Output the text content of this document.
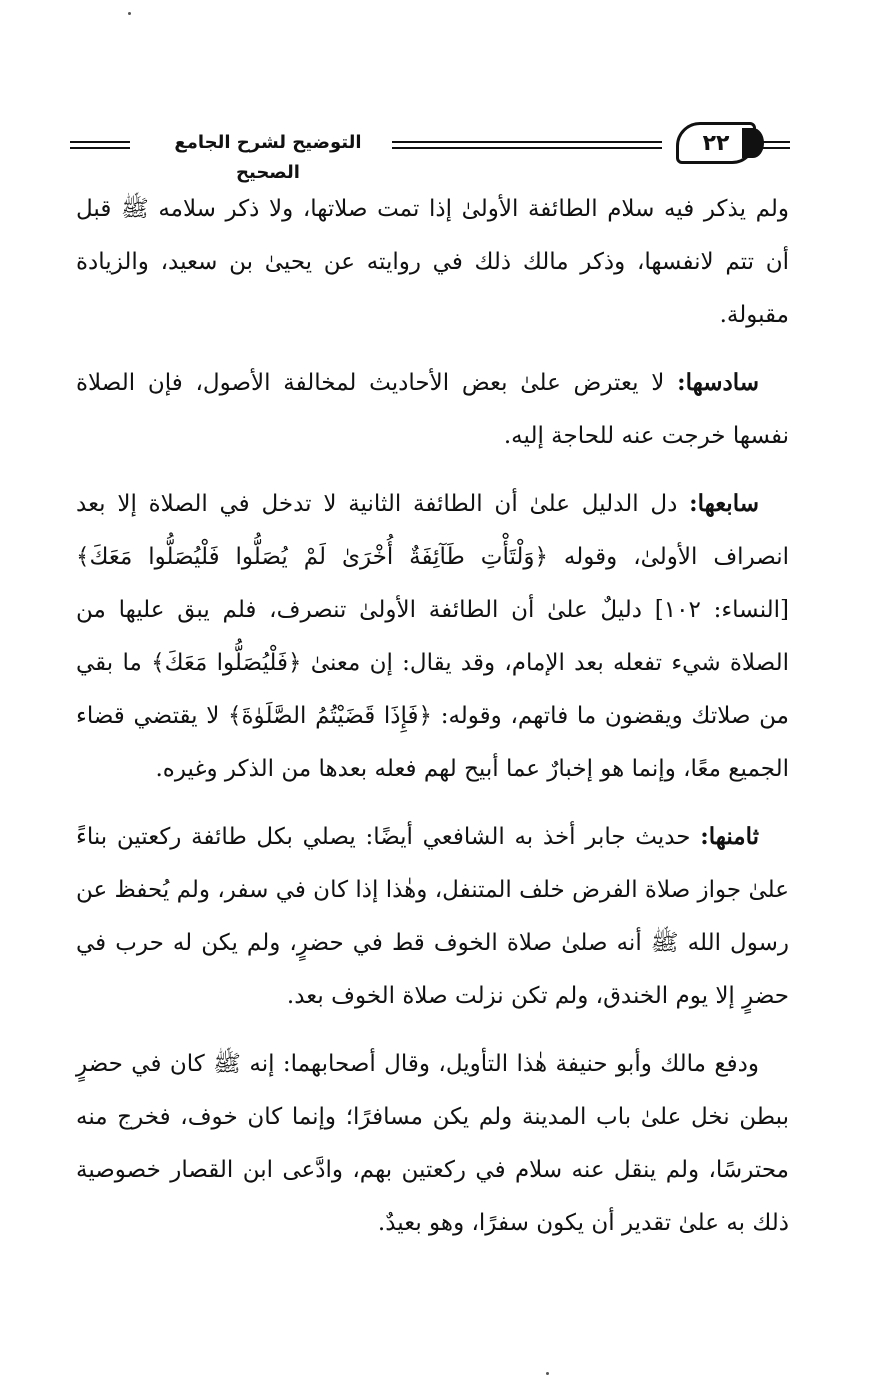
التوضيح لشرح الجامع الصحيح
٢٢

ولم يذكر فيه سلام الطائفة الأولىٰ إذا تمت صلاتها، ولا ذكر سلامه ﷺ قبل أن تتم لانفسها، وذكر مالك ذلك في روايته عن يحيىٰ بن سعيد، والزيادة مقبولة.

سادسها: لا يعترض علىٰ بعض الأحاديث لمخالفة الأصول، فإن الصلاة نفسها خرجت عنه للحاجة إليه.

سابعها: دل الدليل علىٰ أن الطائفة الثانية لا تدخل في الصلاة إلا بعد انصراف الأولىٰ، وقوله ﴿وَلْتَأْتِ طَآئِفَةٌ أُخْرَىٰ لَمْ يُصَلُّوا فَلْيُصَلُّوا مَعَكَ﴾ [النساء: ١٠٢] دليلٌ علىٰ أن الطائفة الأولىٰ تنصرف، فلم يبق عليها من الصلاة شيء تفعله بعد الإمام، وقد يقال: إن معنىٰ ﴿فَلْيُصَلُّوا مَعَكَ﴾ ما بقي من صلاتك ويقضون ما فاتهم، وقوله: ﴿فَإِذَا قَضَيْتُمُ الصَّلَوٰةَ﴾ لا يقتضي قضاء الجميع معًا، وإنما هو إخبارٌ عما أبيح لهم فعله بعدها من الذكر وغيره.

ثامنها: حديث جابر أخذ به الشافعي أيضًا: يصلي بكل طائفة ركعتين بناءً علىٰ جواز صلاة الفرض خلف المتنفل، وهٰذا إذا كان في سفر، ولم يُحفظ عن رسول الله ﷺ أنه صلىٰ صلاة الخوف قط في حضرٍ، ولم يكن له حرب في حضرٍ إلا يوم الخندق، ولم تكن نزلت صلاة الخوف بعد.

ودفع مالك وأبو حنيفة هٰذا التأويل، وقال أصحابهما: إنه ﷺ كان في حضرٍ ببطن نخل علىٰ باب المدينة ولم يكن مسافرًا؛ وإنما كان خوف، فخرج منه محترسًا، ولم ينقل عنه سلام في ركعتين بهم، وادَّعى ابن القصار خصوصية ذلك به علىٰ تقدير أن يكون سفرًا، وهو بعيدٌ.
